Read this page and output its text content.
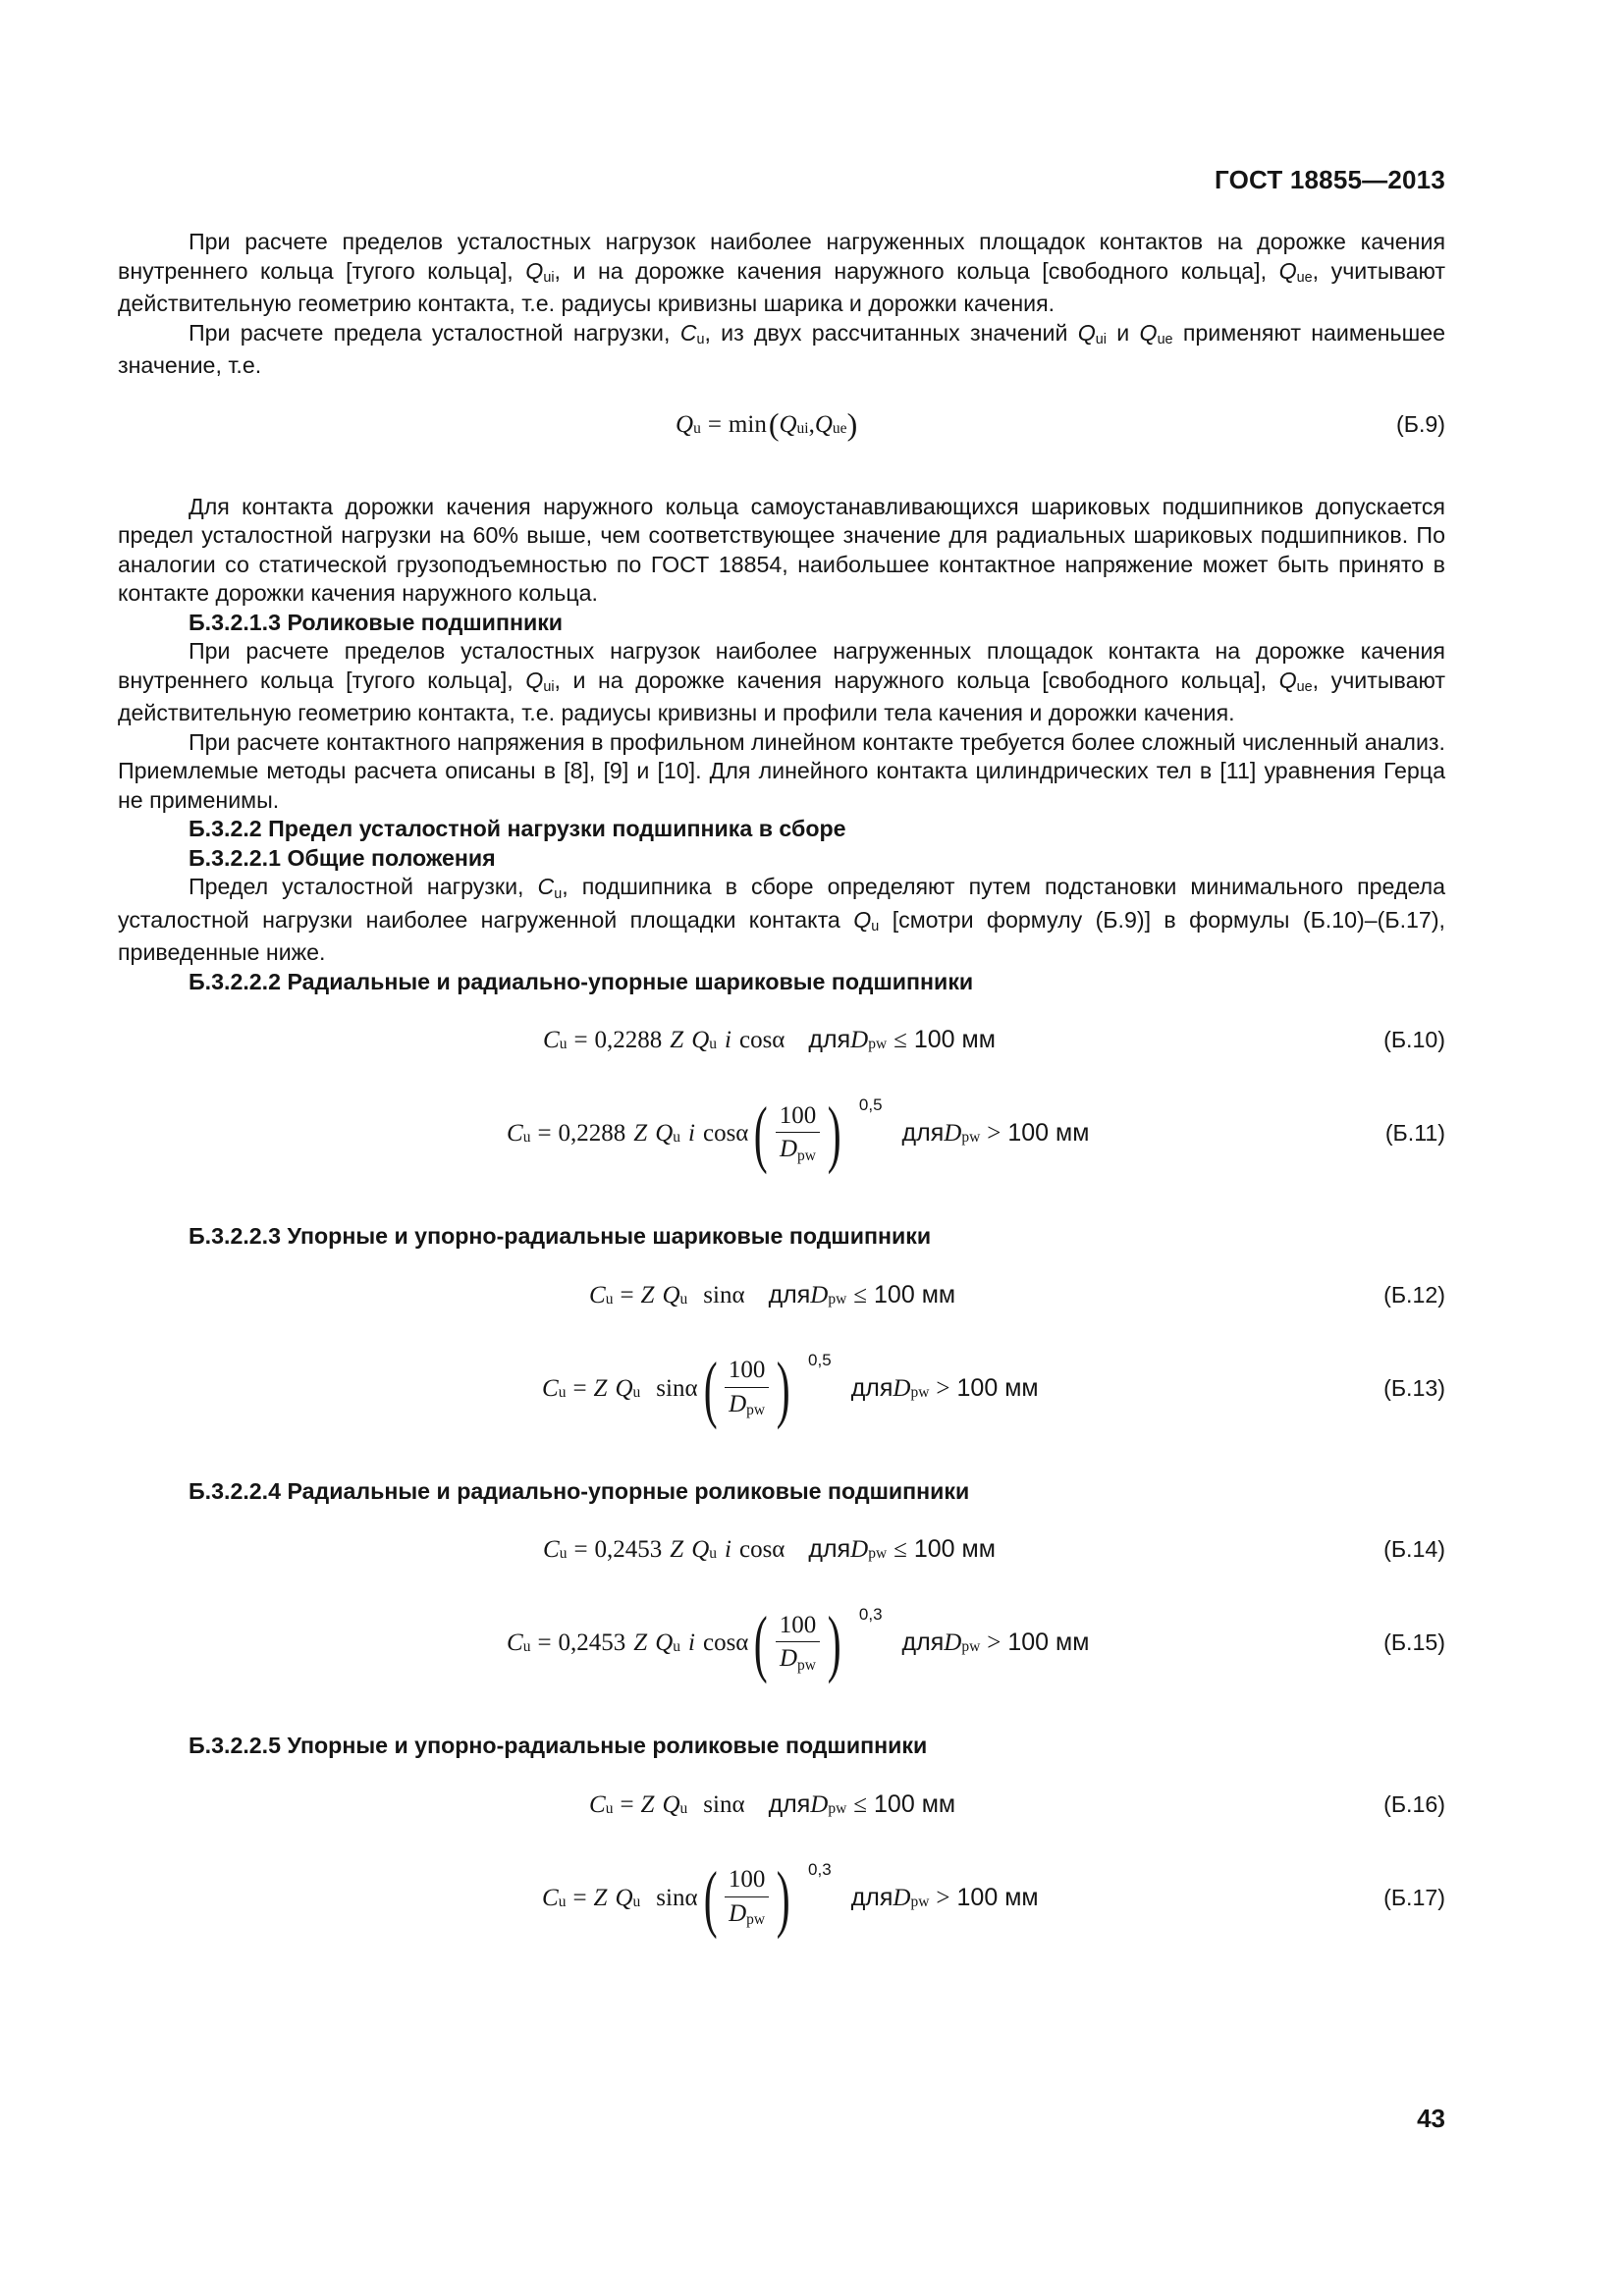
ГОСТ 18855—2013

При расчете пределов усталостных нагрузок наиболее нагруженных площадок контактов на дорожке качения внутреннего кольца [тугого кольца], Qui, и на дорожке качения наружного кольца [свободного кольца], Que, учитывают действительную геометрию контакта, т.е. радиусы кривизны шарика и дорожки качения.

При расчете предела усталостной нагрузки, Cu, из двух рассчитанных значений Qui и Que применяют наименьшее значение, т.е.

Q u = min ( Q ui , Q ue )	(Б.9)

Для контакта дорожки качения наружного кольца самоустанавливающихся шариковых подшипников допускается предел усталостной нагрузки на 60% выше, чем соответствующее значение для радиальных шариковых подшипников. По аналогии со статической грузоподъемностью по ГОСТ 18854, наибольшее контактное напряжение может быть принято в контакте дорожки качения наружного кольца.

Б.3.2.1.3 Роликовые подшипники

При расчете пределов усталостных нагрузок наиболее нагруженных площадок контакта на дорожке качения внутреннего кольца [тугого кольца], Qui, и на дорожке качения наружного кольца [свободного кольца], Que, учитывают действительную геометрию контакта, т.е. радиусы кривизны и профили тела качения и дорожки качения.

При расчете контактного напряжения в профильном линейном контакте требуется более сложный численный анализ. Приемлемые методы расчета описаны в [8], [9] и [10]. Для линейного контакта цилиндрических тел в [11] уравнения Герца не применимы.

Б.3.2.2 Предел усталостной нагрузки подшипника в сборе
Б.3.2.2.1 Общие положения

Предел усталостной нагрузки, Cu, подшипника в сборе определяют путем подстановки минимального предела усталостной нагрузки наиболее нагруженной площадки контакта Qu [смотри формулу (Б.9)] в формулы (Б.10)–(Б.17), приведенные ниже.

Б.3.2.2.2 Радиальные и радиально-упорные шариковые подшипники
C u = 0,2288 Z Q u i cos α для D pw ≤ 100 мм	(Б.10)
C u = 0,2288 Z Q u i cos α ( $\frac{100}{\text{Dpw}}$ ) 0,5
для D pw > 100 мм	(Б.11)
Б.3.2.2.3 Упорные и упорно-радиальные шариковые подшипники
C u = Z Q u sin α для D pw ≤ 100 мм	(Б.12)
C u = Z Q u sin α ( $\frac{100}{\text{Dpw}}$ ) 0,5
для D pw > 100 мм	(Б.13)
Б.3.2.2.4 Радиальные и радиально-упорные роликовые подшипники
C u = 0,2453 Z Q u i cos α для D pw ≤ 100 мм	(Б.14)
C u = 0,2453 Z Q u i cos α ( $\frac{100}{\text{Dpw}}$ ) 0,3
для D pw > 100 мм	(Б.15)
Б.3.2.2.5 Упорные и упорно-радиальные роликовые подшипники
C u = Z Q u sin α для D pw ≤ 100 мм	(Б.16)
C u = Z Q u sin α ( $\frac{100}{\text{Dpw}}$ ) 0,3
для D pw > 100 мм	(Б.17)
43
